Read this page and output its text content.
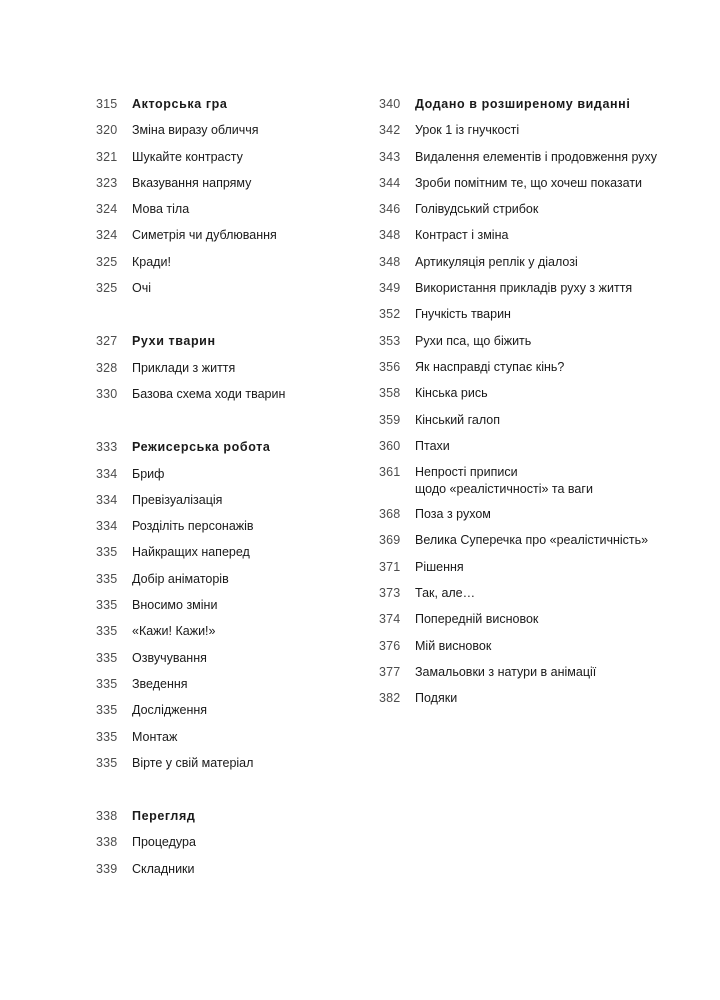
315	Акторська гра
320	Зміна виразу обличчя
321	Шукайте контрасту
323	Вказування напряму
324	Мова тіла
324	Симетрія чи дублювання
325	Кради!
325	Очі
327	Рухи тварин
328	Приклади з життя
330	Базова схема ходи тварин
333	Режисерська робота
334	Бриф
334	Превізуалізація
334	Розділіть персонажів
335	Найкращих наперед
335	Добір аніматорів
335	Вносимо зміни
335	«Кажи! Кажи!»
335	Озвучування
335	Зведення
335	Дослідження
335	Монтаж
335	Вірте у свій матеріал
338	Перегляд
338	Процедура
339	Складники
340	Додано в розширеному виданні
342	Урок 1 із гнучкості
343	Видалення елементів і продовження руху
344	Зроби помітним те, що хочеш показати
346	Голівудський стрибок
348	Контраст і зміна
348	Артикуляція реплік у діалозі
349	Використання прикладів руху з життя
352	Гнучкість тварин
353	Рухи пса, що біжить
356	Як насправді ступає кінь?
358	Кінська рись
359	Кінський галоп
360	Птахи
361	Непрості приписи
щодо «реалістичності» та ваги
368	Поза з рухом
369	Велика Суперечка про «реалістичність»
371	Рішення
373	Так, але…
374	Попередній висновок
376	Мій висновок
377	Замальовки з натури в анімації
382	Подяки
